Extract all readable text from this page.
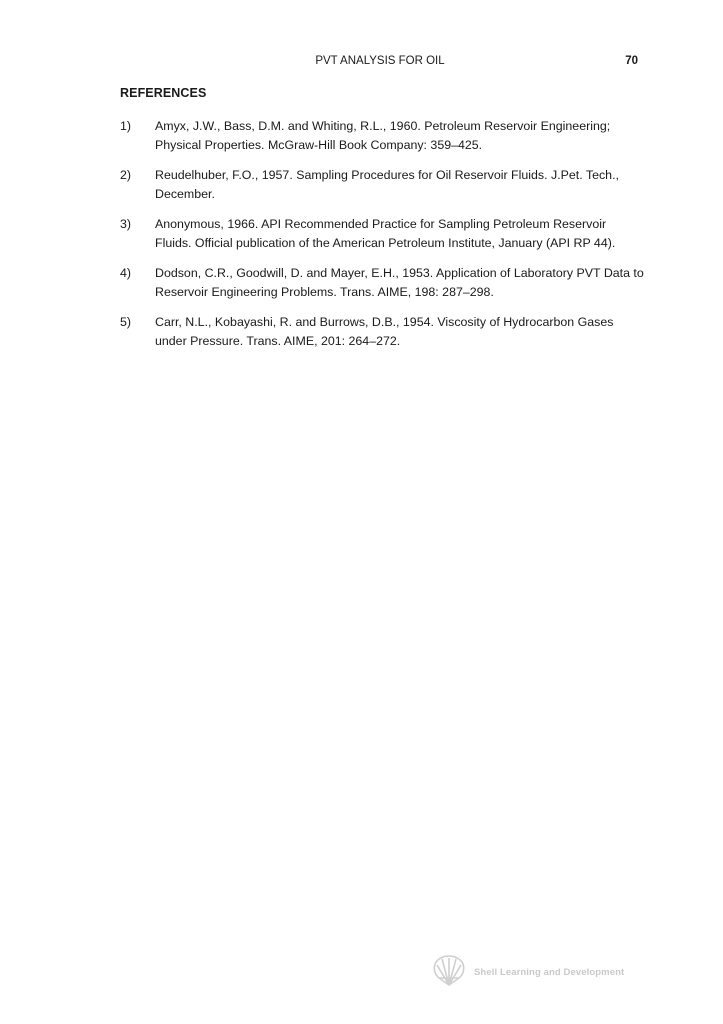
PVT ANALYSIS FOR OIL	70
REFERENCES
1) Amyx, J.W., Bass, D.M. and Whiting, R.L., 1960. Petroleum Reservoir Engineering; Physical Properties. McGraw-Hill Book Company: 359–425.
2) Reudelhuber, F.O., 1957. Sampling Procedures for Oil Reservoir Fluids. J.Pet. Tech., December.
3) Anonymous, 1966. API Recommended Practice for Sampling Petroleum Reservoir Fluids. Official publication of the American Petroleum Institute, January (API RP 44).
4) Dodson, C.R., Goodwill, D. and Mayer, E.H., 1953. Application of Laboratory PVT Data to Reservoir Engineering Problems. Trans. AIME, 198: 287–298.
5) Carr, N.L., Kobayashi, R. and Burrows, D.B., 1954. Viscosity of Hydrocarbon Gases under Pressure. Trans. AIME, 201: 264–272.
Shell Learning and Development
